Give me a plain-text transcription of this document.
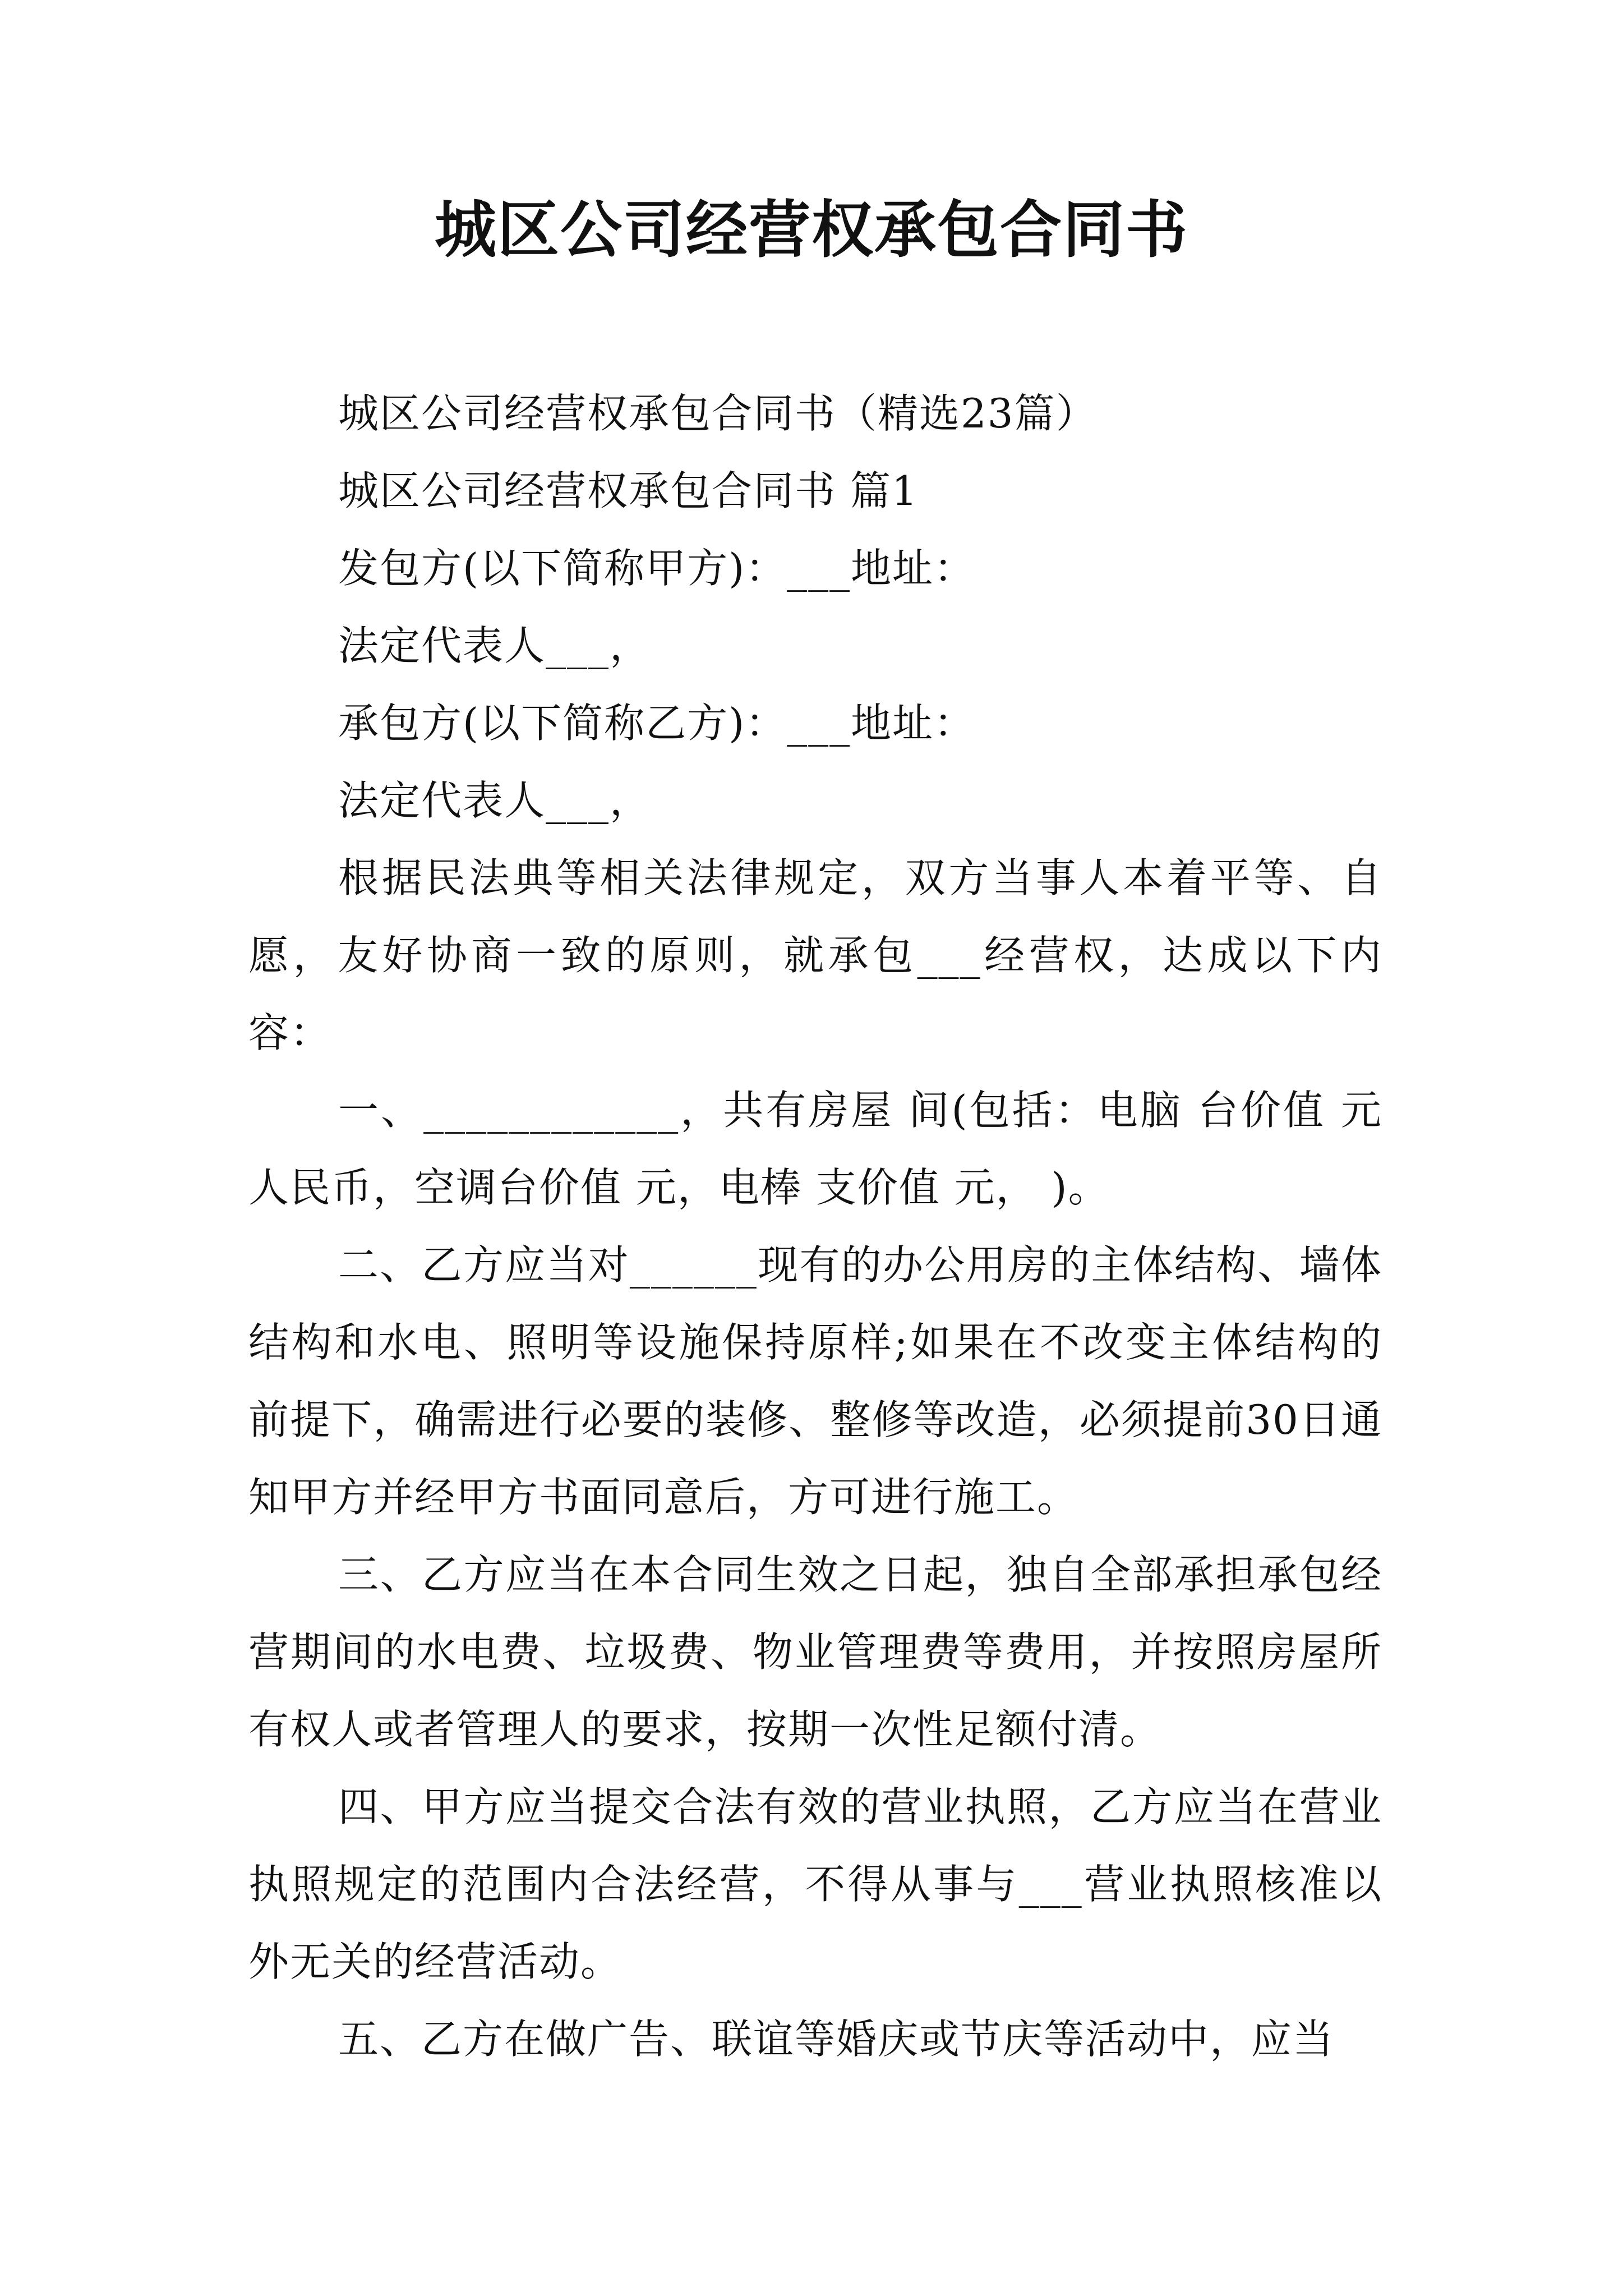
城区公司经营权承包合同书

城区公司经营权承包合同书（精选23篇）

城区公司经营权承包合同书 篇1

发包方(以下简称甲方)：___地址：

法定代表人___，

承包方(以下简称乙方)：___地址：

法定代表人___，

根据民法典等相关法律规定，双方当事人本着平等、自愿，友好协商一致的原则，就承包___经营权，达成以下内容：

一、____________，共有房屋 间(包括：电脑 台价值 元人民币，空调台价值 元，电棒 支价值 元， )。

二、乙方应当对______现有的办公用房的主体结构、墙体结构和水电、照明等设施保持原样;如果在不改变主体结构的前提下，确需进行必要的装修、整修等改造，必须提前30日通知甲方并经甲方书面同意后，方可进行施工。

三、乙方应当在本合同生效之日起，独自全部承担承包经营期间的水电费、垃圾费、物业管理费等费用，并按照房屋所有权人或者管理人的要求，按期一次性足额付清。

四、甲方应当提交合法有效的营业执照，乙方应当在营业执照规定的范围内合法经营，不得从事与___营业执照核准以外无关的经营活动。

五、乙方在做广告、联谊等婚庆或节庆等活动中，应当
